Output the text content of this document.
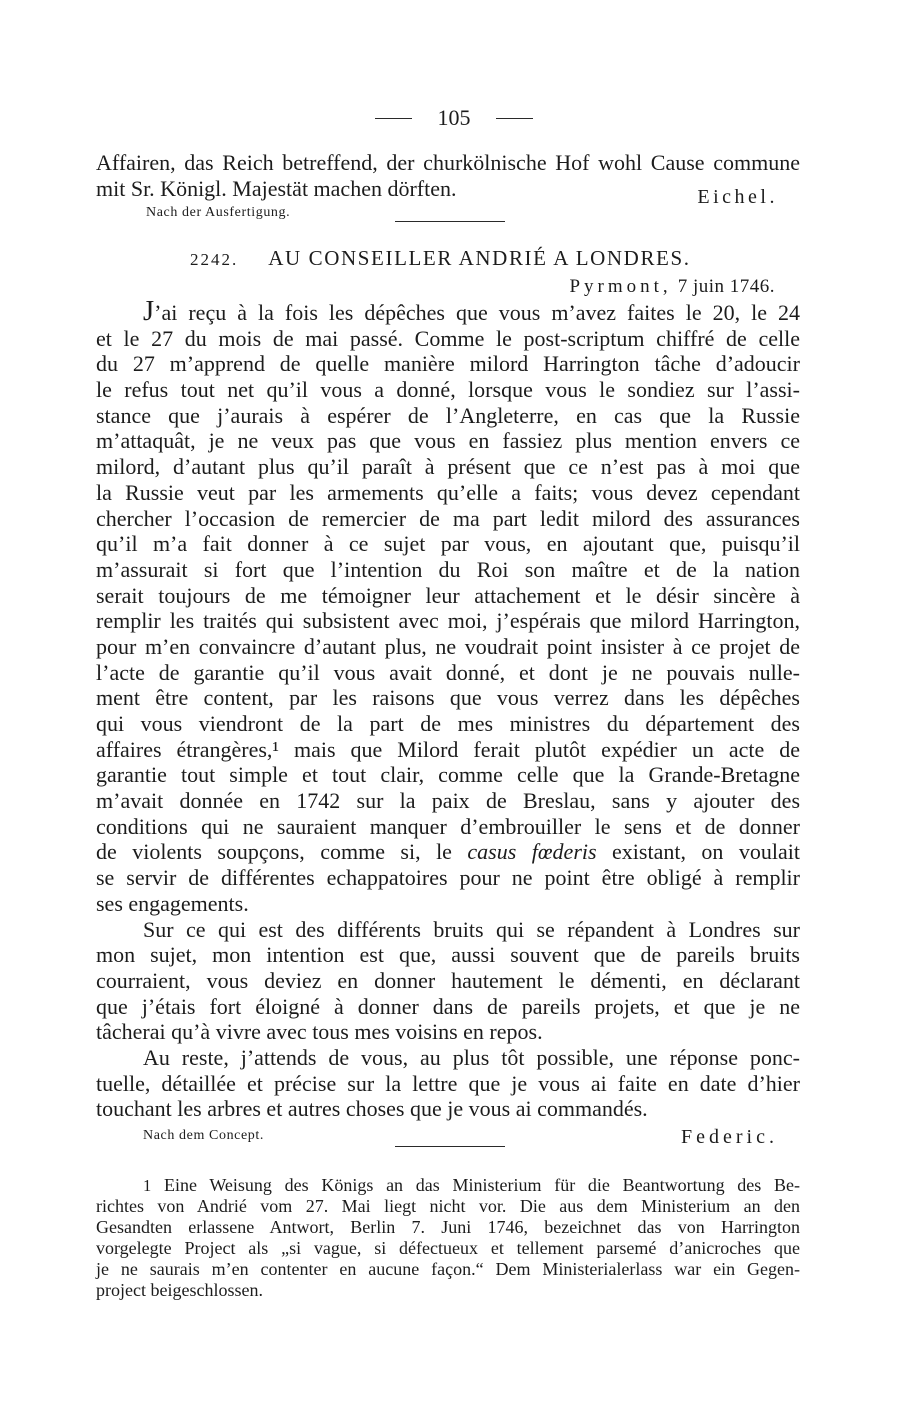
105
Affairen, das Reich betreffend, der churkölnische Hof wohl Cause commune
mit Sr. Königl. Majestät machen dörften.	Eichel.
Nach der Ausfertigung.
2242. AU CONSEILLER ANDRIÉ A LONDRES.
Pyrmont, 7 juin 1746.
J’ai reçu à la fois les dépêches que vous m’avez faites le 20, le 24
et le 27 du mois de mai passé. Comme le post-scriptum chiffré de celle
du 27 m’apprend de quelle manière milord Harrington tâche d’adoucir
le refus tout net qu’il vous a donné, lorsque vous le sondiez sur l’assi-
stance que j’aurais à espérer de l’Angleterre, en cas que la Russie
m’attaquât, je ne veux pas que vous en fassiez plus mention envers ce
milord, d’autant plus qu’il paraît à présent que ce n’est pas à moi que
la Russie veut par les armements qu’elle a faits; vous devez cependant
chercher l’occasion de remercier de ma part ledit milord des assurances
qu’il m’a fait donner à ce sujet par vous, en ajoutant que, puisqu’il
m’assurait si fort que l’intention du Roi son maître et de la nation
serait toujours de me témoigner leur attachement et le désir sincère à
remplir les traités qui subsistent avec moi, j’espérais que milord Harrington,
pour m’en convaincre d’autant plus, ne voudrait point insister à ce projet de
l’acte de garantie qu’il vous avait donné, et dont je ne pouvais nulle-
ment être content, par les raisons que vous verrez dans les dépêches
qui vous viendront de la part de mes ministres du département des
affaires étrangères,¹ mais que Milord ferait plutôt expédier un acte de
garantie tout simple et tout clair, comme celle que la Grande-Bretagne
m’avait donnée en 1742 sur la paix de Breslau, sans y ajouter des
conditions qui ne sauraient manquer d’embrouiller le sens et de donner
de violents soupçons, comme si, le casus fœderis existant, on voulait
se servir de différentes echappatoires pour ne point être obligé à remplir
ses engagements.
Sur ce qui est des différents bruits qui se répandent à Londres sur
mon sujet, mon intention est que, aussi souvent que de pareils bruits
courraient, vous deviez en donner hautement le démenti, en déclarant
que j’étais fort éloigné à donner dans de pareils projets, et que je ne
tâcherai qu’à vivre avec tous mes voisins en repos.
Au reste, j’attends de vous, au plus tôt possible, une réponse ponc-
tuelle, détaillée et précise sur la lettre que je vous ai faite en date d’hier
touchant les arbres et autres choses que je vous ai commandés.
Nach dem Concept.	Federic.
1 Eine Weisung des Königs an das Ministerium für die Beantwortung des Be-
richtes von Andrié vom 27. Mai liegt nicht vor. Die aus dem Ministerium an den
Gesandten erlassene Antwort, Berlin 7. Juni 1746, bezeichnet das von Harrington
vorgelegte Project als „si vague, si défectueux et tellement parsemé d’anicroches que
je ne saurais m’en contenter en aucune façon.“ Dem Ministerialerlass war ein Gegen-
project beigeschlossen.
